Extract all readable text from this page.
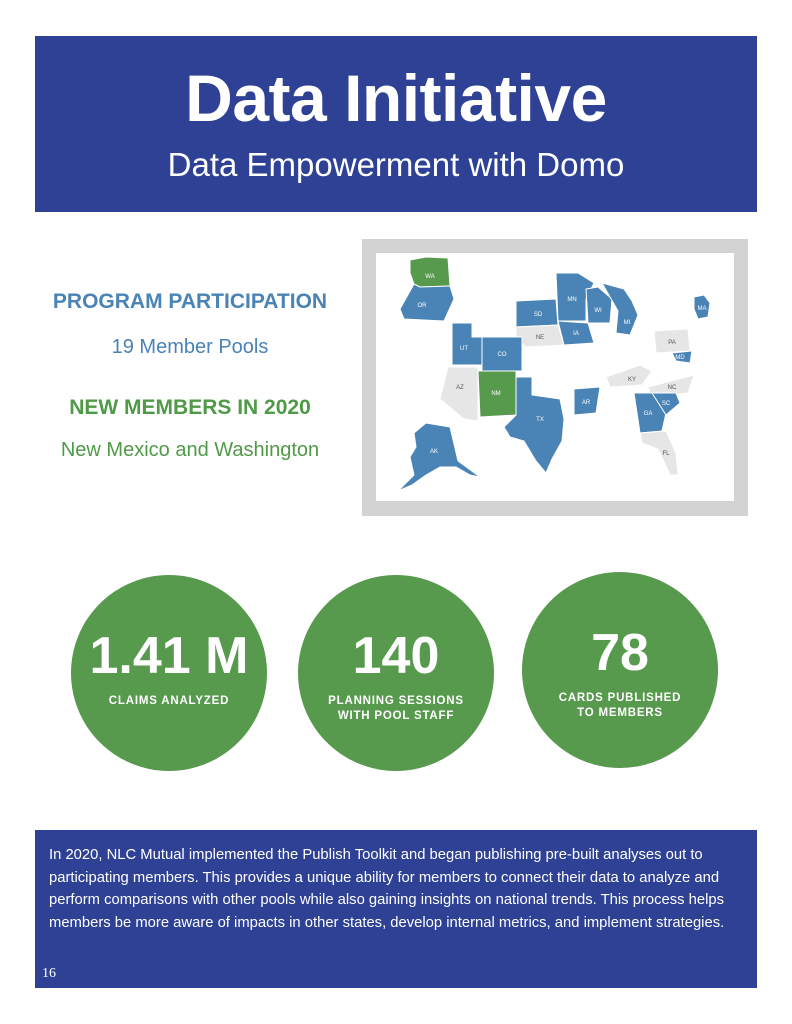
Data Initiative
Data Empowerment with Domo
PROGRAM PARTICIPATION
19 Member Pools
NEW MEMBERS IN 2020
New Mexico and Washington
WA
OR
SD
MN
WI
MI
IA
UT
CO
NM
TX
AR
MD
GA
SC
AK
MA
NE
AZ
PA
KY
NC
FL
1.41 M
CLAIMS ANALYZED
140
PLANNING SESSIONS
WITH POOL STAFF
78
CARDS PUBLISHED
TO MEMBERS
In 2020, NLC Mutual implemented the Publish Toolkit and began publishing pre-built analyses out to participating members. This provides a unique ability for members to connect their data to analyze and perform comparisons with other pools while also gaining insights on national trends. This process helps members be more aware of impacts in other states, develop internal metrics, and implement strategies.
16
